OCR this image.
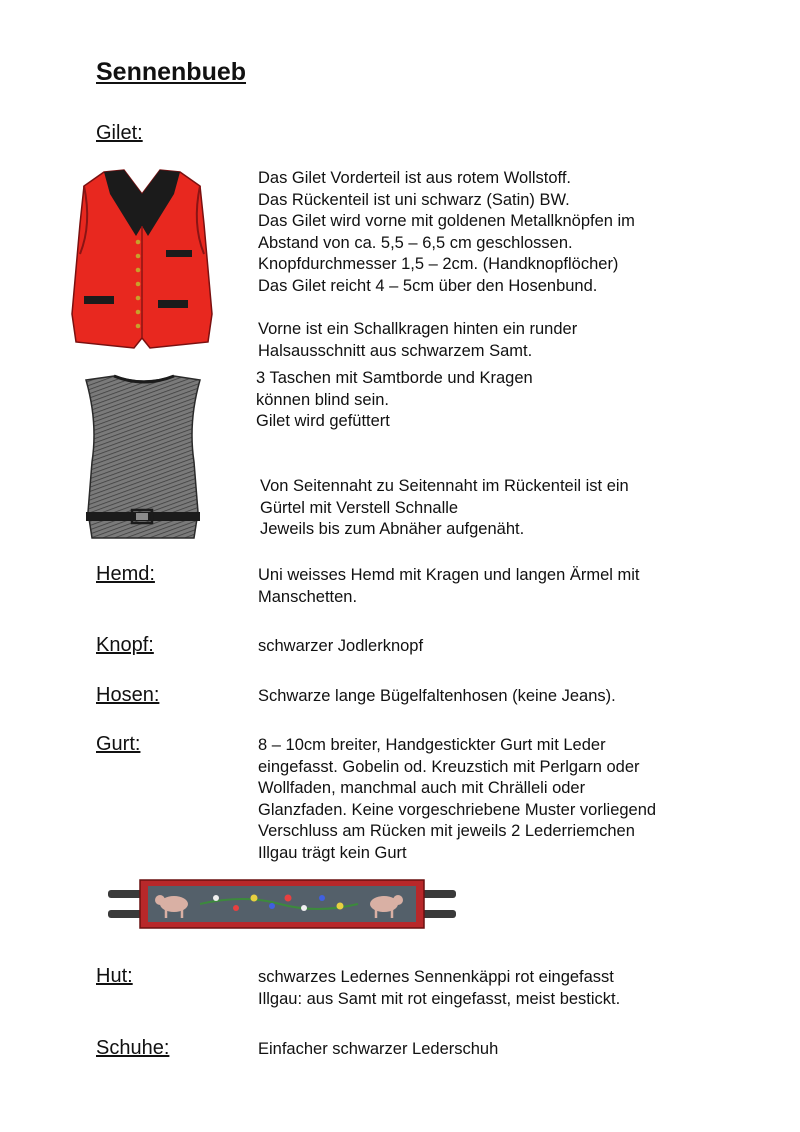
Sennenbueb
Gilet:
Das Gilet Vorderteil ist aus rotem Wollstoff.
Das Rückenteil ist uni schwarz (Satin) BW.
Das Gilet wird vorne mit goldenen Metallknöpfen im
Abstand von ca. 5,5 – 6,5 cm geschlossen.
Knopfdurchmesser 1,5 – 2cm. (Handknopflöcher)
Das Gilet reicht 4 – 5cm über den Hosenbund.
Vorne ist ein Schallkragen hinten ein runder
Halsausschnitt aus schwarzem Samt.
3 Taschen mit Samtborde und Kragen
können blind sein.
Gilet wird gefüttert
Von Seitennaht zu Seitennaht im Rückenteil ist ein
Gürtel mit Verstell Schnalle
Jeweils bis zum Abnäher aufgenäht.
Hemd:	Uni weisses Hemd mit Kragen und langen Ärmel mit
Manschetten.
Knopf:	schwarzer Jodlerknopf
Hosen:	Schwarze lange Bügelfaltenhosen (keine Jeans).
Gurt:	8 – 10cm breiter, Handgestickter Gurt mit Leder
eingefasst. Gobelin od. Kreuzstich mit Perlgarn oder
Wollfaden, manchmal auch mit Chrälleli oder
Glanzfaden. Keine vorgeschriebene Muster vorliegend
Verschluss am Rücken mit jeweils 2 Lederriemchen
Illgau trägt kein Gurt
Hut:	schwarzes Ledernes Sennenkäppi rot eingefasst
Illgau: aus Samt mit rot eingefasst, meist bestickt.
Schuhe:	Einfacher schwarzer Lederschuh
